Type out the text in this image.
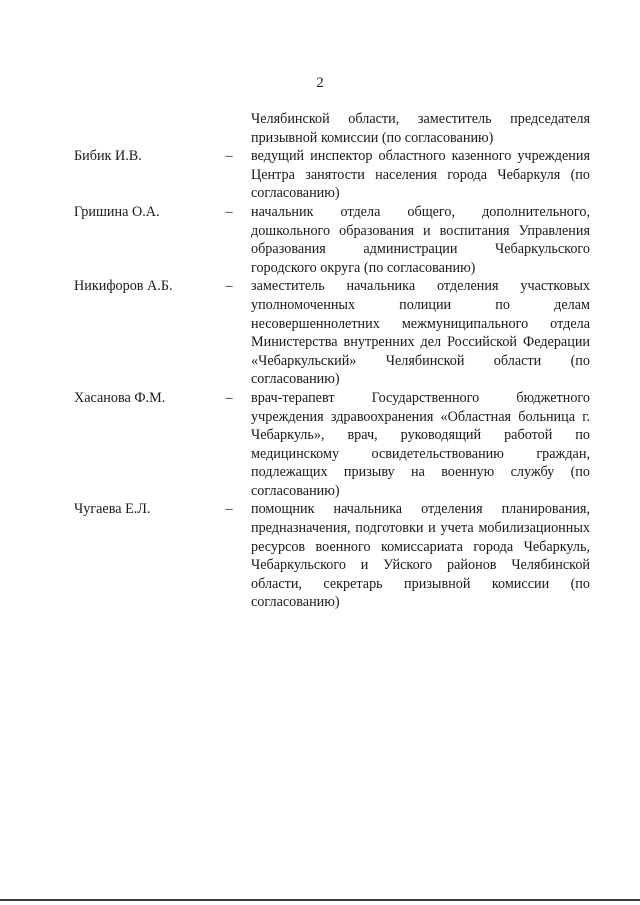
2
Челябинской области, заместитель председателя призывной комиссии (по согласованию)
Бибик И.В.	– ведущий инспектор областного казенного учреждения Центра занятости населения города Чебаркуля (по согласованию)
Гришина О.А.	– начальник отдела общего, дополнительного, дошкольного образования и воспитания Управления образования администрации Чебаркульского городского округа (по согласованию)
Никифоров А.Б.	– заместитель начальника отделения участковых уполномоченных полиции по делам несовершеннолетних межмуниципального отдела Министерства внутренних дел Российской Федерации «Чебаркульский» Челябинской области (по согласованию)
Хасанова Ф.М.	– врач-терапевт Государственного бюджетного учреждения здравоохранения «Областная больница г. Чебаркуль», врач, руководящий работой по медицинскому освидетельствованию граждан, подлежащих призыву на военную службу (по согласованию)
Чугаева Е.Л.	– помощник начальника отделения планирования, предназначения, подготовки и учета мобилизационных ресурсов военного комиссариата города Чебаркуль, Чебаркульского и Уйского районов Челябинской области, секретарь призывной комиссии (по согласованию)
